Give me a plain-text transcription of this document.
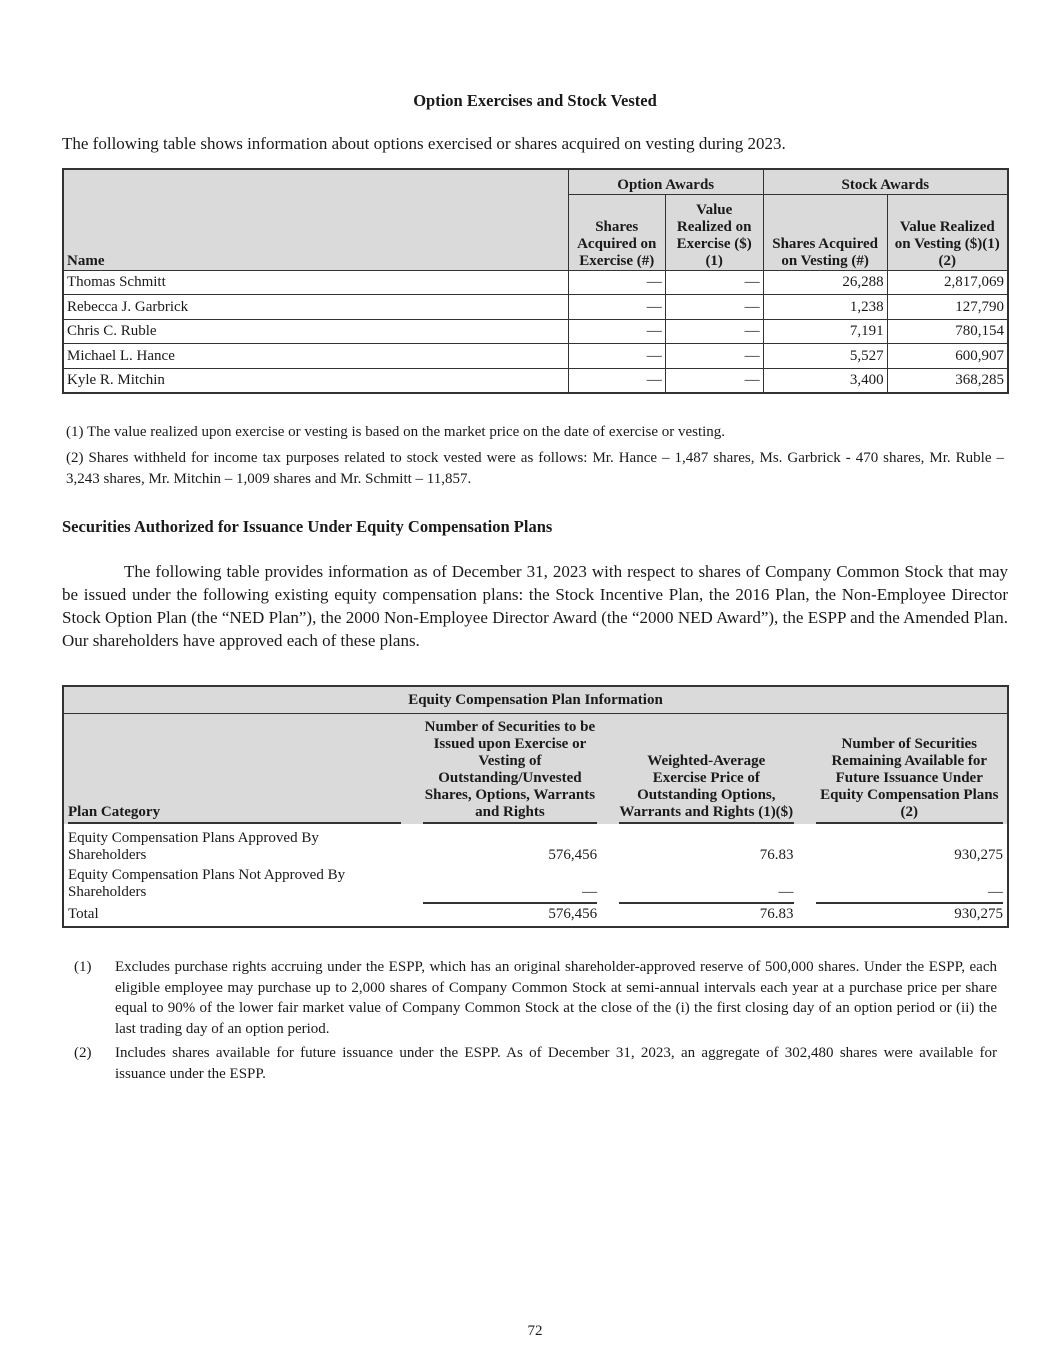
Option Exercises and Stock Vested
The following table shows information about options exercised or shares acquired on vesting during 2023.
Name	Option Awards		Stock Awards	
	Shares Acquired on Exercise (#)	Value Realized on Exercise ($)(1)	Shares Acquired on Vesting (#)	Value Realized on Vesting ($)(1)(2)
Thomas Schmitt	—	—	26,288	2,817,069
Rebecca J. Garbrick	—	—	1,238	127,790
Chris C. Ruble	—	—	7,191	780,154
Michael L. Hance	—	—	5,527	600,907
Kyle R. Mitchin	—	—	3,400	368,285
(1) The value realized upon exercise or vesting is based on the market price on the date of exercise or vesting.
(2) Shares withheld for income tax purposes related to stock vested were as follows: Mr. Hance – 1,487 shares, Ms. Garbrick - 470 shares, Mr. Ruble – 3,243 shares, Mr. Mitchin – 1,009 shares and Mr. Schmitt – 11,857.
Securities Authorized for Issuance Under Equity Compensation Plans
The following table provides information as of December 31, 2023 with respect to shares of Company Common Stock that may be issued under the following existing equity compensation plans: the Stock Incentive Plan, the 2016 Plan, the Non-Employee Director Stock Option Plan (the “NED Plan”), the 2000 Non-Employee Director Award (the “2000 NED Award”), the ESPP and the Amended Plan. Our shareholders have approved each of these plans.
Equity Compensation Plan Information						

Plan Category		Number of Securities to be Issued upon Exercise or Vesting of Outstanding/Unvested Shares, Options, Warrants and Rights		Weighted-Average Exercise Price of Outstanding Options, Warrants and Rights (1)($)		Number of Securities Remaining Available for Future Issuance Under Equity Compensation Plans (2)

Equity Compensation Plans Approved By Shareholders		576,456		76.83		930,275
Equity Compensation Plans Not Approved By Shareholders		—		—		—

Total		576,456		76.83		930,275
(1) Excludes purchase rights accruing under the ESPP, which has an original shareholder-approved reserve of 500,000 shares. Under the ESPP, each eligible employee may purchase up to 2,000 shares of Company Common Stock at semi-annual intervals each year at a purchase price per share equal to 90% of the lower fair market value of Company Common Stock at the close of the (i) the first closing day of an option period or (ii) the last trading day of an option period.
(2) Includes shares available for future issuance under the ESPP. As of December 31, 2023, an aggregate of 302,480 shares were available for issuance under the ESPP.
72
